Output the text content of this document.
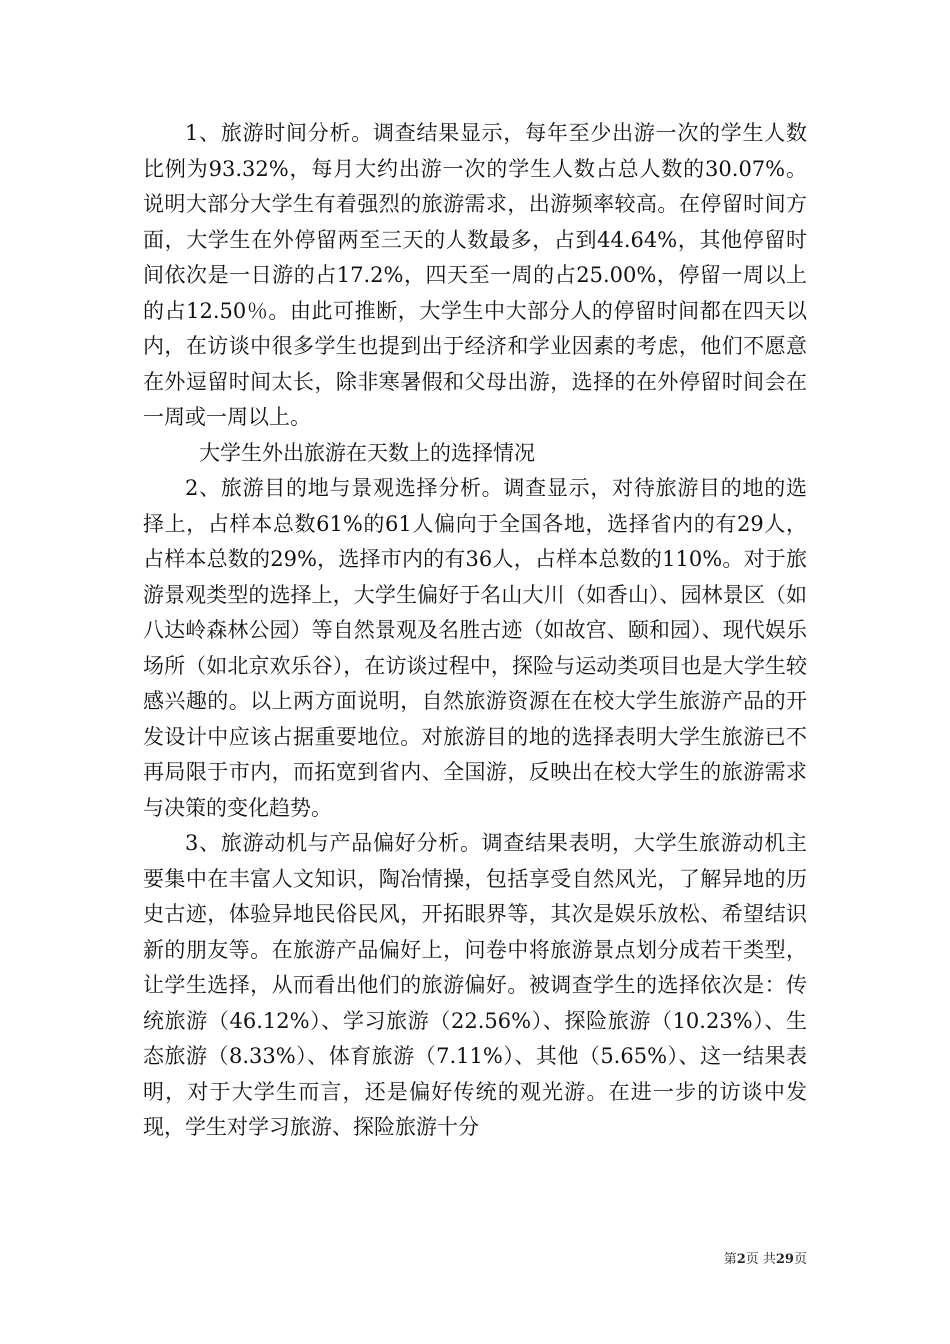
1、旅游时间分析。调查结果显示，每年至少出游一次的学生人数比例为93.32%，每月大约出游一次的学生人数占总人数的30.07%。说明大部分大学生有着强烈的旅游需求，出游频率较高。在停留时间方面，大学生在外停留两至三天的人数最多，占到44.64%，其他停留时间依次是一日游的占17.2%，四天至一周的占25.00%，停留一周以上的占12.50％。由此可推断，大学生中大部分人的停留时间都在四天以内，在访谈中很多学生也提到出于经济和学业因素的考虑，他们不愿意在外逗留时间太长，除非寒暑假和父母出游，选择的在外停留时间会在一周或一周以上。

大学生外出旅游在天数上的选择情况

2、旅游目的地与景观选择分析。调查显示，对待旅游目的地的选择上，占样本总数61%的61人偏向于全国各地，选择省内的有29人，占样本总数的29%，选择市内的有36人，占样本总数的110%。对于旅游景观类型的选择上，大学生偏好于名山大川（如香山）、园林景区（如八达岭森林公园）等自然景观及名胜古迹（如故宫、颐和园）、现代娱乐场所（如北京欢乐谷），在访谈过程中，探险与运动类项目也是大学生较感兴趣的。以上两方面说明，自然旅游资源在在校大学生旅游产品的开发设计中应该占据重要地位。对旅游目的地的选择表明大学生旅游已不再局限于市内，而拓宽到省内、全国游，反映出在校大学生的旅游需求与决策的变化趋势。

3、旅游动机与产品偏好分析。调查结果表明，大学生旅游动机主要集中在丰富人文知识，陶冶情操，包括享受自然风光，了解异地的历史古迹，体验异地民俗民风，开拓眼界等，其次是娱乐放松、希望结识新的朋友等。在旅游产品偏好上，问卷中将旅游景点划分成若干类型，让学生选择，从而看出他们的旅游偏好。被调查学生的选择依次是：传统旅游（46.12%）、学习旅游（22.56%）、探险旅游（10.23%）、生态旅游（8.33%）、体育旅游（7.11%）、其他（5.65%）、这一结果表明，对于大学生而言，还是偏好传统的观光游。在进一步的访谈中发现，学生对学习旅游、探险旅游十分

第2页 共29页
